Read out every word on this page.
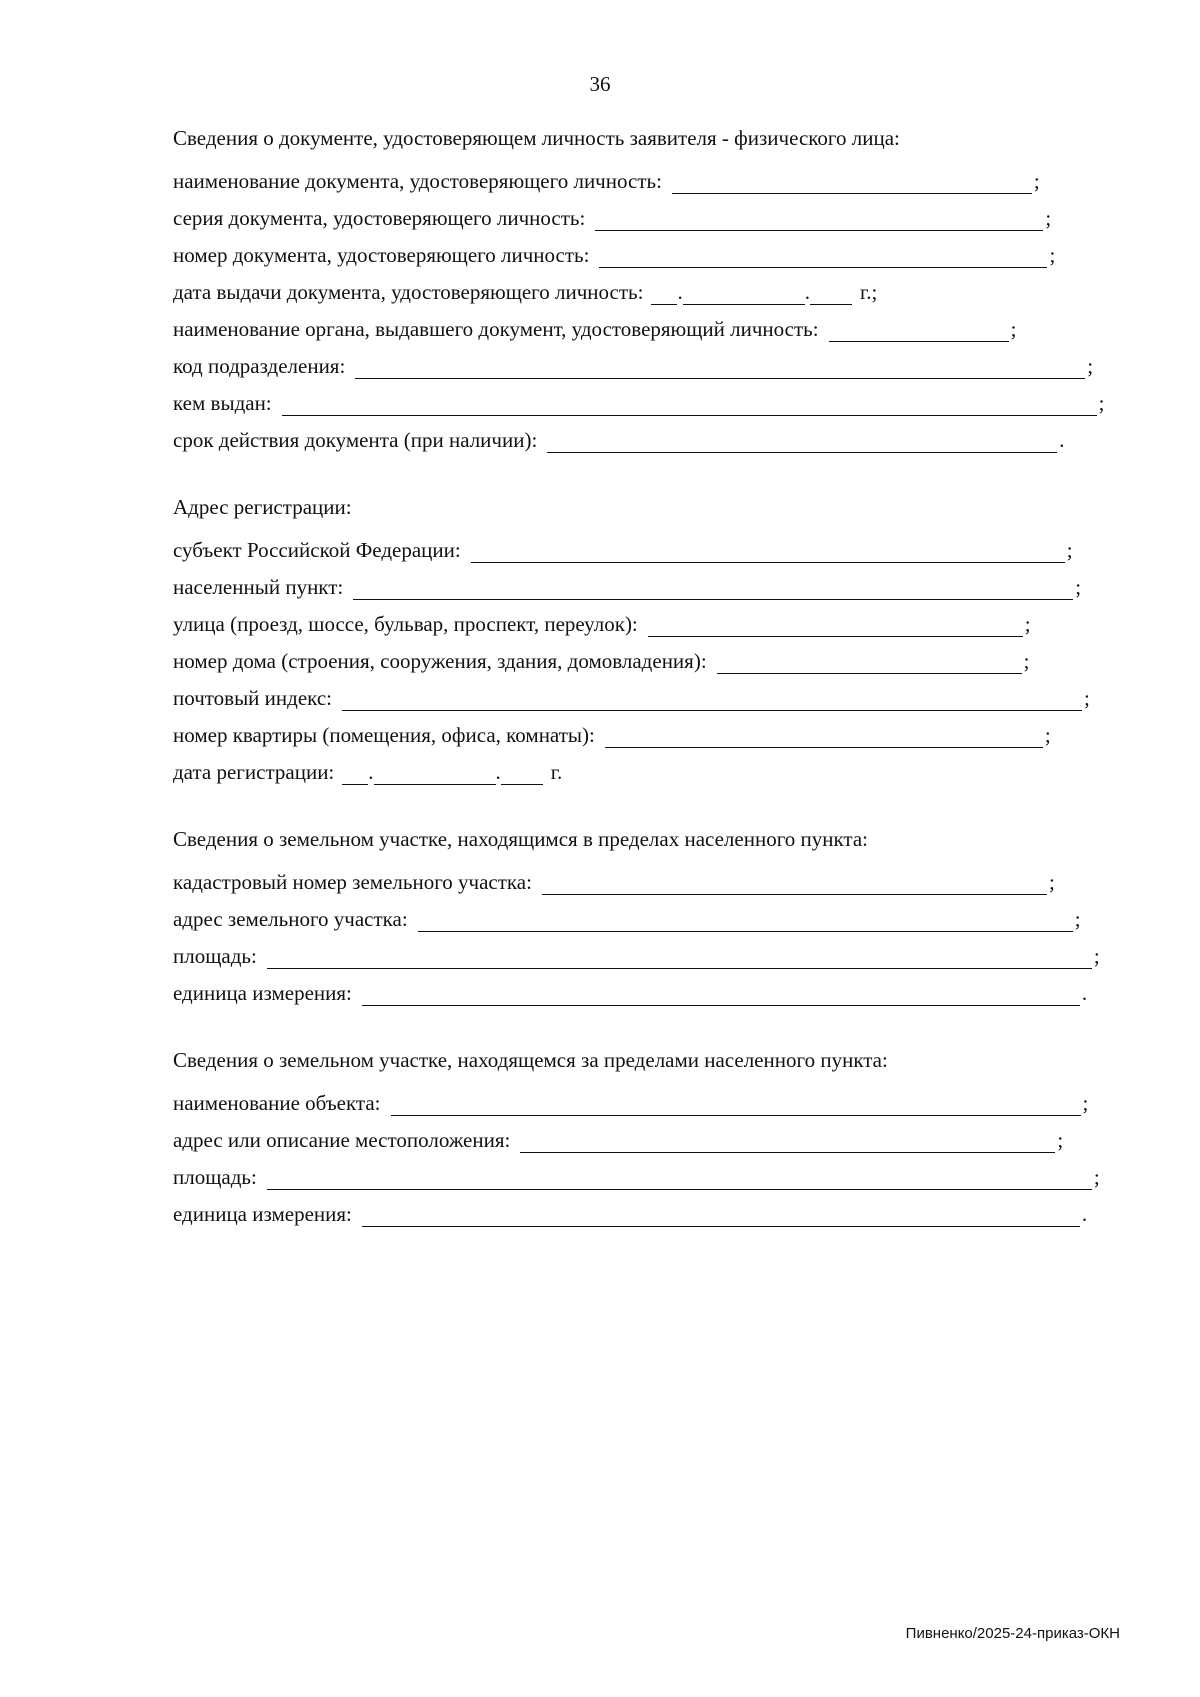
36
Сведения о документе, удостоверяющем личность заявителя - физического лица:
наименование документа, удостоверяющего личность:	;
серия документа, удостоверяющего личность:	;
номер документа, удостоверяющего личность:	;
дата выдачи документа, удостоверяющего личность: .	. г.;
наименование органа, выдавшего документ, удостоверяющий личность:	;
код подразделения:	;
кем выдан:	;
срок действия документа (при наличии):	.
Адрес регистрации:
субъект Российской Федерации:	;
населенный пункт:	;
улица (проезд, шоссе, бульвар, проспект, переулок):	;
номер дома (строения, сооружения, здания, домовладения):	;
почтовый индекс:	;
номер квартиры (помещения, офиса, комнаты):	;
дата регистрации: .	. г.
Сведения о земельном участке, находящимся в пределах населенного пункта:
кадастровый номер земельного участка:	;
адрес земельного участка:	;
площадь:	;
единица измерения:	.
Сведения о земельном участке, находящемся за пределами населенного пункта:
наименование объекта:	;
адрес или описание местоположения:	;
площадь:	;
единица измерения:	.
Пивненко/2025-24-приказ-ОКН
